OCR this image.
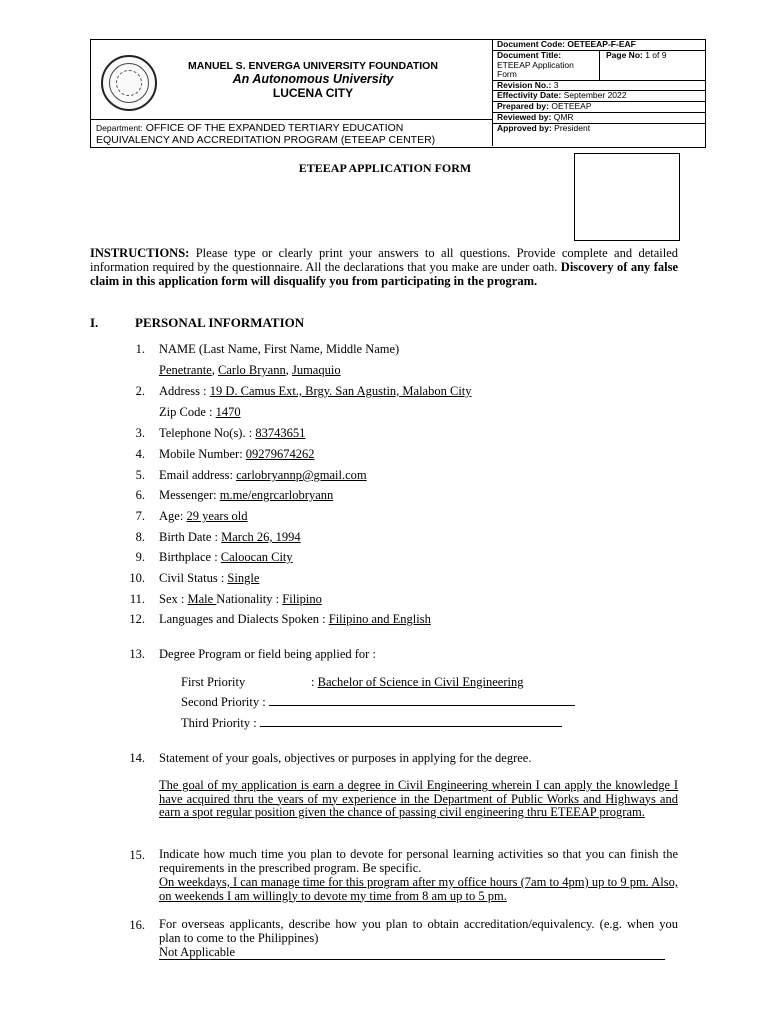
MANUEL S. ENVERGA UNIVERSITY FOUNDATION
An Autonomous University
LUCENA CITY
Department: OFFICE OF THE EXPANDED TERTIARY EDUCATION
EQUIVALENCY AND ACCREDITATION PROGRAM (ETEEAP CENTER)
Document Code: OETEEAP-F-EAF
Document Title:
ETEEAP Application
Form
Page No: 1 of 9
Revision No.: 3
Effectivity Date: September 2022
Prepared by: OETEEAP
Reviewed by: QMR
Approved by: President
ETEEAP APPLICATION FORM
INSTRUCTIONS: Please type or clearly print your answers to all questions. Provide complete and detailed information required by the questionnaire. All the declarations that you make are under oath. Discovery of any false claim in this application form will disqualify you from participating in the program.
I.	PERSONAL INFORMATION
1. NAME (Last Name, First Name, Middle Name)
Penetrante, Carlo Bryann, Jumaquio
2. Address : 19 D. Camus Ext., Brgy. San Agustin, Malabon City
Zip Code : 1470
3. Telephone No(s). : 83743651
4. Mobile Number: 09279674262
5. Email address: carlobryannp@gmail.com
6. Messenger: m.me/engrcarlobryann
7. Age: 29 years old
8. Birth Date : March 26, 1994
9. Birthplace : Caloocan City
10. Civil Status : Single
11. Sex : Male Nationality : Filipino
12. Languages and Dialects Spoken : Filipino and English
13. Degree Program or field being applied for :
First Priority	: Bachelor of Science in Civil Engineering
Second Priority :
Third Priority :
14. Statement of your goals, objectives or purposes in applying for the degree.
The goal of my application is earn a degree in Civil Engineering wherein I can apply the knowledge I have acquired thru the years of my experience in the Department of Public Works and Highways and earn a spot regular position given the chance of passing civil engineering thru ETEEAP program.
15. Indicate how much time you plan to devote for personal learning activities so that you can finish the requirements in the prescribed program. Be specific.
On weekdays, I can manage time for this program after my office hours (7am to 4pm) up to 9 pm. Also, on weekends I am willingly to devote my time from 8 am up to 5 pm.
16. For overseas applicants, describe how you plan to obtain accreditation/equivalency. (e.g. when you plan to come to the Philippines)
Not Applicable
